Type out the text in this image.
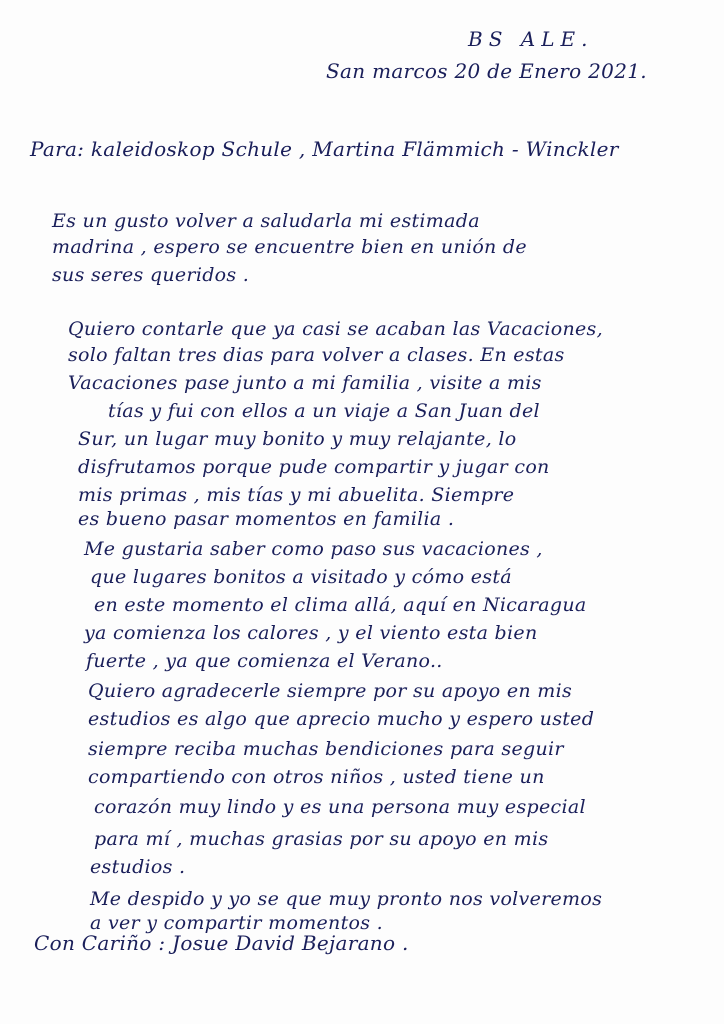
BS ALE.
San marcos 20 de Enero 2021.
Para: kaleidoskop Schule , Martina Flämmich - Winckler
Es un gusto volver a saludarla mi estimada
madrina , espero se encuentre bien en unión de
sus seres queridos .
Quiero contarle que ya casi se acaban las Vacaciones,
solo faltan tres dias para volver a clases. En estas
Vacaciones pase junto a mi familia , visite a mis
tías y fui con ellos a un viaje a San Juan del
Sur, un lugar muy bonito y muy relajante, lo
disfrutamos porque pude compartir y jugar con
mis primas , mis tías y mi abuelita. Siempre
es bueno pasar momentos en familia .
Me gustaria saber como paso sus vacaciones ,
que lugares bonitos a visitado y cómo está
en este momento el clima allá, aquí en Nicaragua
ya comienza los calores , y el viento esta bien
fuerte , ya que comienza el Verano..
Quiero agradecerle siempre por su apoyo en mis
estudios es algo que aprecio mucho y espero usted
siempre reciba muchas bendiciones para seguir
compartiendo con otros niños , usted tiene un
corazón muy lindo y es una persona muy especial
para mí , muchas grasias por su apoyo en mis
estudios .
Me despido y yo se que muy pronto nos volveremos
a ver y compartir momentos .
Con Cariño : Josue David Bejarano .
